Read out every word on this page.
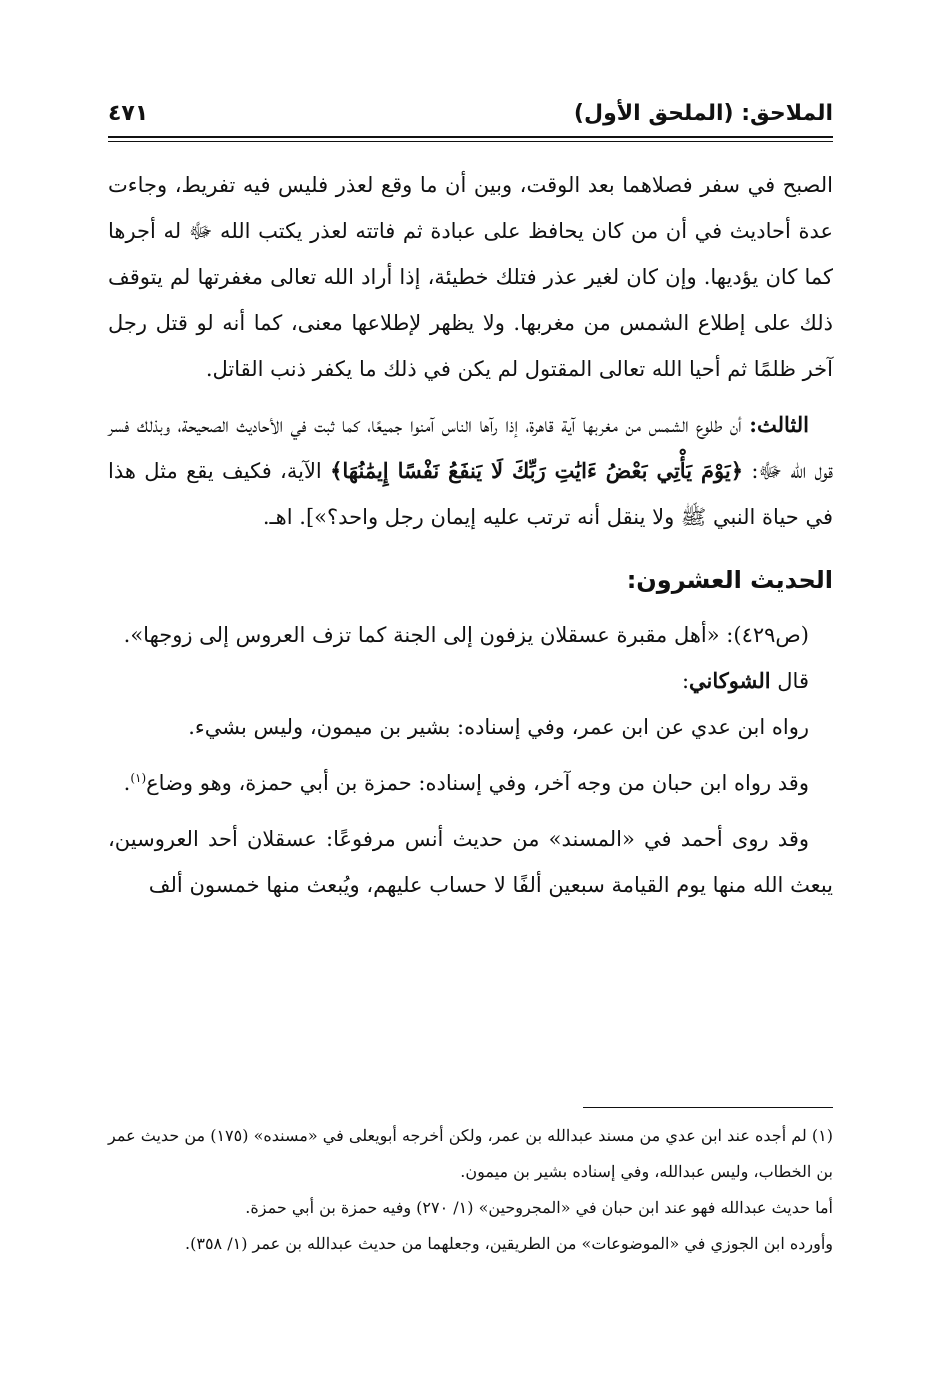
الملاحق: (الملحق الأول)
٤٧١

الصبح في سفر فصلاهما بعد الوقت، وبين أن ما وقع لعذر فليس فيه تفريط، وجاءت عدة أحاديث في أن من كان يحافظ على عبادة ثم فاتته لعذر يكتب الله ﷻ له أجرها كما كان يؤديها. وإن كان لغير عذر فتلك خطيئة، إذا أراد الله تعالى مغفرتها لم يتوقف ذلك على إطلاع الشمس من مغربها. ولا يظهر لإطلاعها معنى، كما أنه لو قتل رجل آخر ظلمًا ثم أحيا الله تعالى المقتول لم يكن في ذلك ما يكفر ذنب القاتل.

الثالث: أن طلوع الشمس من مغربها آية قاهرة، إذا رآها الناس آمنوا جميعًا، كما ثبت في الأحاديث الصحيحة، وبذلك فسر قول الله ﷻ: ﴿يَوْمَ يَأْتِي بَعْضُ ءَايَٰتِ رَبِّكَ لَا يَنفَعُ نَفْسًا إِيمَٰنُهَا﴾ الآية، فكيف يقع مثل هذا في حياة النبي ﷺ ولا ينقل أنه ترتب عليه إيمان رجل واحد؟»]. اهـ.

الحديث العشرون:

(ص٤٢٩): «أهل مقبرة عسقلان يزفون إلى الجنة كما تزف العروس إلى زوجها».

قال الشوكاني:

رواه ابن عدي عن ابن عمر، وفي إسناده: بشير بن ميمون، وليس بشيء.

وقد رواه ابن حبان من وجه آخر، وفي إسناده: حمزة بن أبي حمزة، وهو وضاع$^{(١)}$.

وقد روى أحمد في «المسند» من حديث أنس مرفوعًا: عسقلان أحد العروسين، يبعث الله منها يوم القيامة سبعين ألفًا لا حساب عليهم، ويُبعث منها خمسون ألف

(١) لم أجده عند ابن عدي من مسند عبدالله بن عمر، ولكن أخرجه أبويعلى في «مسنده» (١٧٥) من حديث عمر بن الخطاب، وليس عبدالله، وفي إسناده بشير بن ميمون.

أما حديث عبدالله فهو عند ابن حبان في «المجروحين» (١/ ٢٧٠) وفيه حمزة بن أبي حمزة.

وأورده ابن الجوزي في «الموضوعات» من الطريقين، وجعلهما من حديث عبدالله بن عمر (١/ ٣٥٨).
